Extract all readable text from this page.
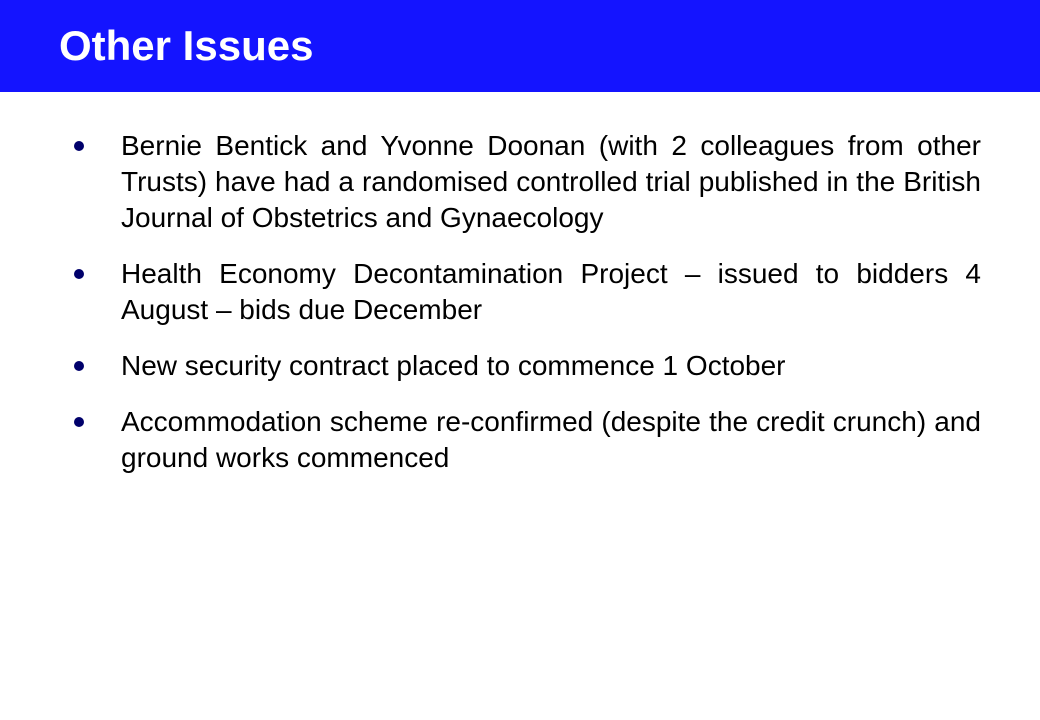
Other Issues
Bernie Bentick and Yvonne Doonan (with 2 colleagues from other Trusts) have had a randomised controlled trial published in the British Journal of Obstetrics and Gynaecology
Health Economy Decontamination Project – issued to bidders 4 August – bids due December
New security contract placed to commence 1 October
Accommodation scheme re-confirmed (despite the credit crunch) and ground works commenced
